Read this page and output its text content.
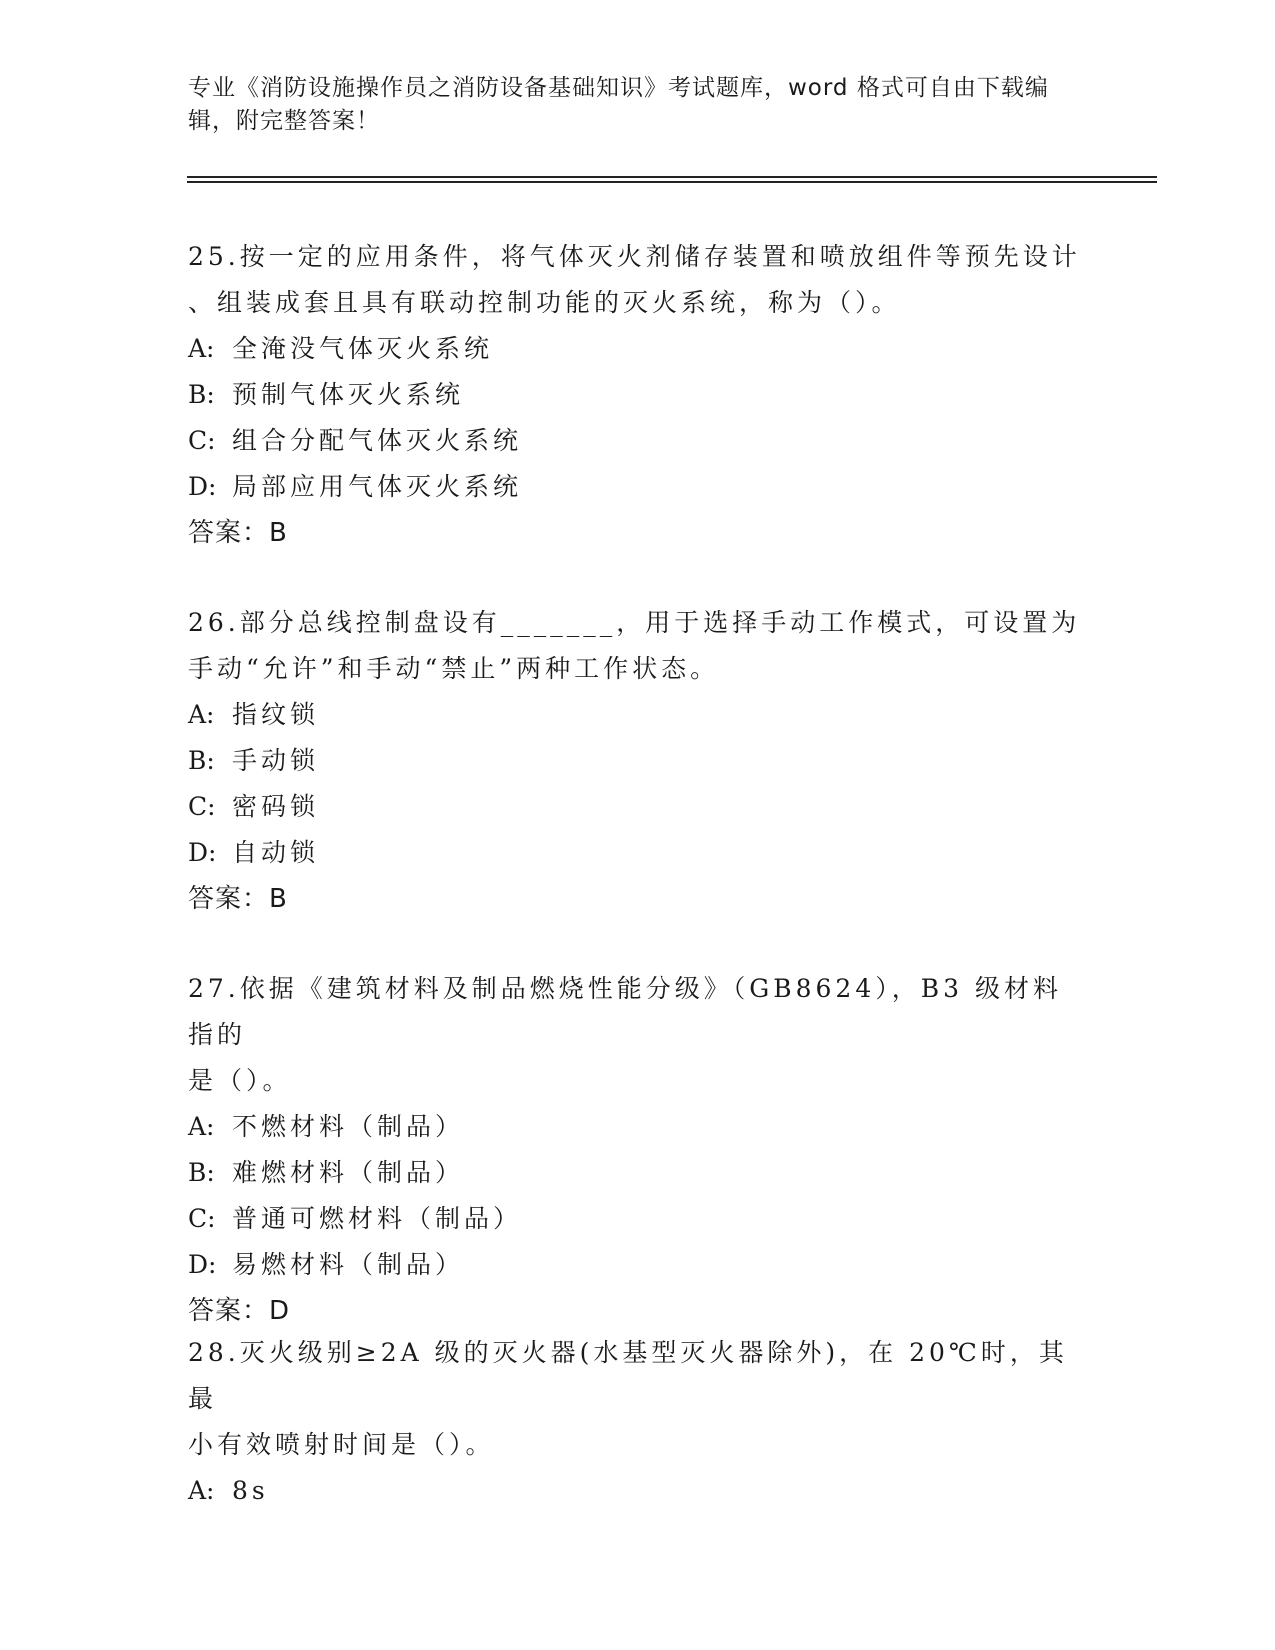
专业《消防设施操作员之消防设备基础知识》考试题库，word 格式可自由下载编
辑，附完整答案！
25.按一定的应用条件，将气体灭火剂储存装置和喷放组件等预先设计
、组装成套且具有联动控制功能的灭火系统，称为（）。
A: 全淹没气体灭火系统
B: 预制气体灭火系统
C: 组合分配气体灭火系统
D: 局部应用气体灭火系统
答案：B
26.部分总线控制盘设有_______，用于选择手动工作模式，可设置为
手动“允许”和手动“禁止”两种工作状态。
A: 指纹锁
B: 手动锁
C: 密码锁
D: 自动锁
答案：B
27.依据《建筑材料及制品燃烧性能分级》（GB8624），B3 级材料指的
是（）。
A: 不燃材料（制品）
B: 难燃材料（制品）
C: 普通可燃材料（制品）
D: 易燃材料（制品）
答案：D
28.灭火级别≥2A 级的灭火器(水基型灭火器除外)，在 20℃时，其最
小有效喷射时间是（）。
A: 8s
